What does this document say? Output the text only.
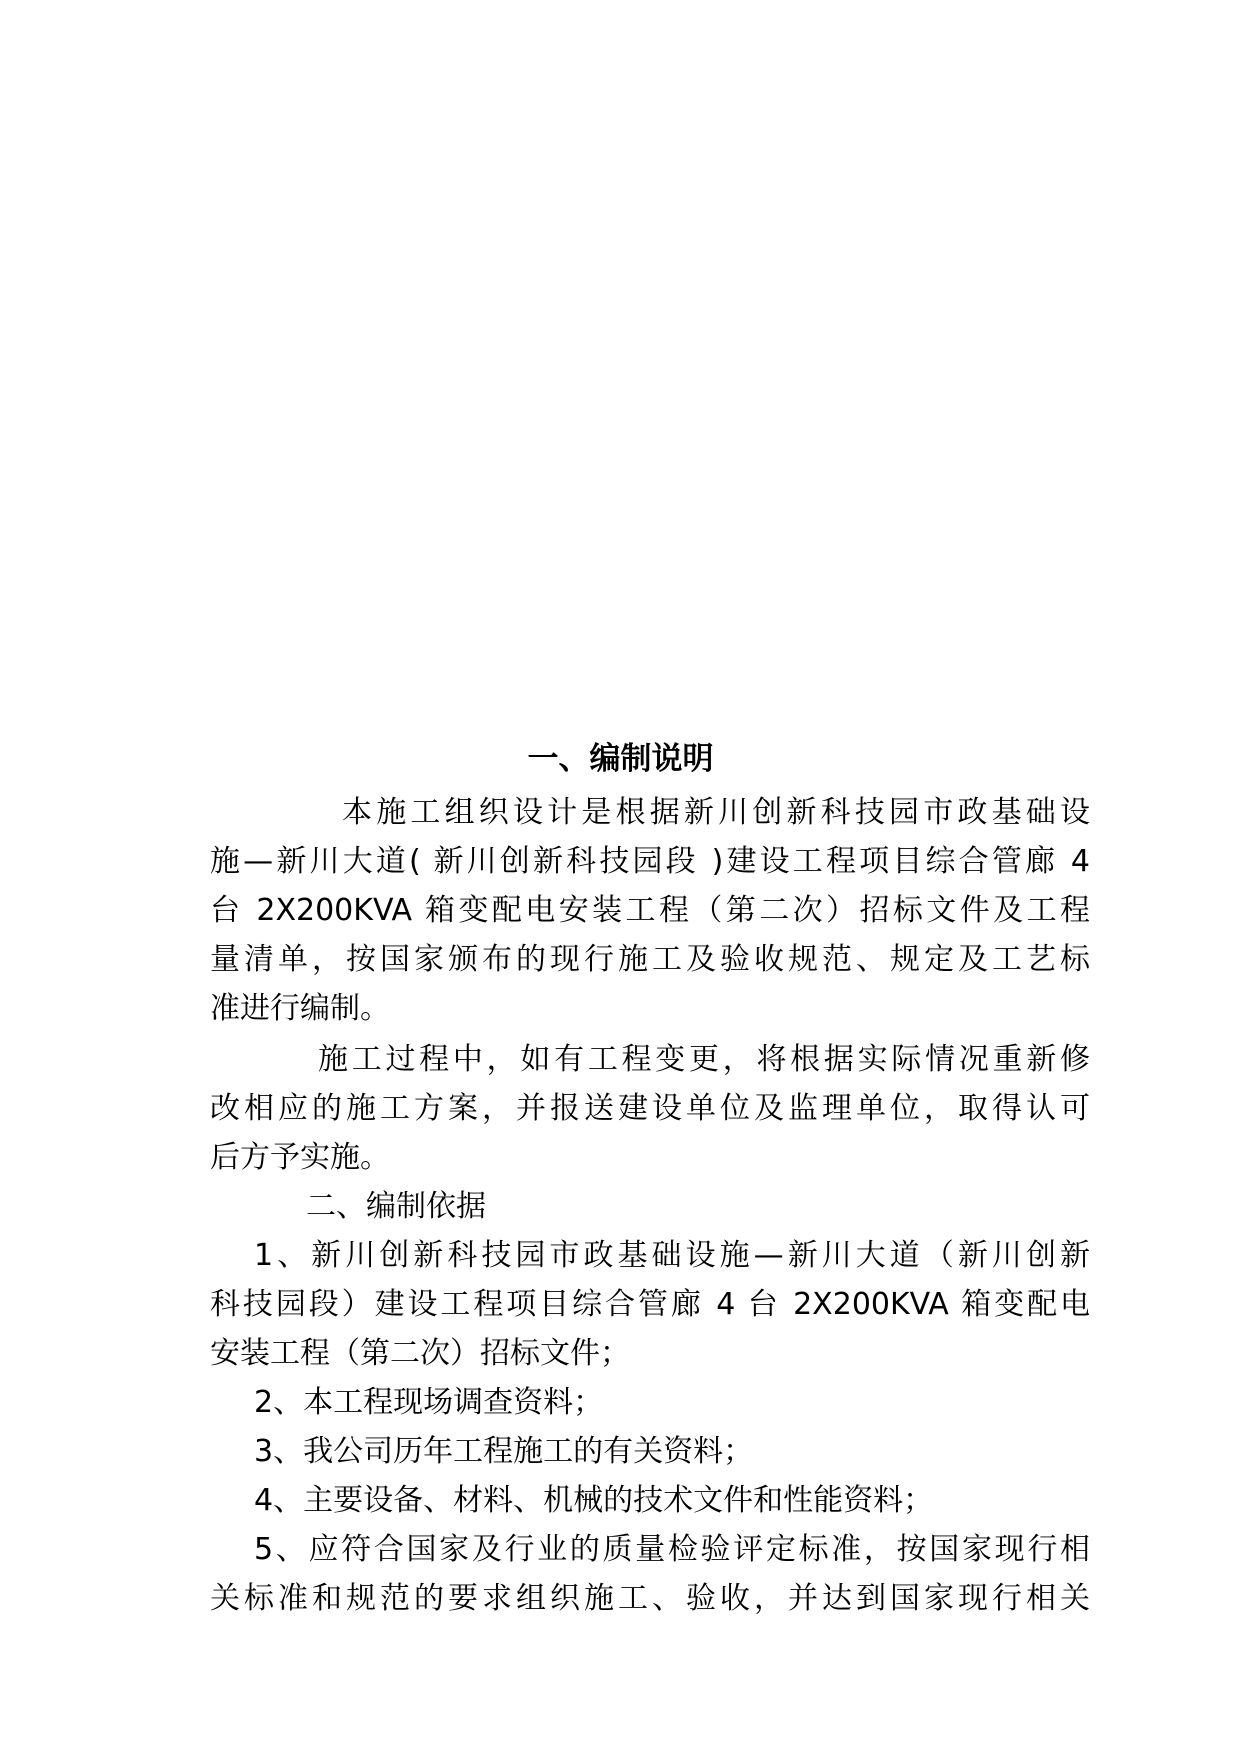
一、编制说明
本施工组织设计是根据新川创新科技园市政基础设
施—新川大道( 新川创新科技园段 )建设工程项目综合管廊 4
台 2X200KVA 箱变配电安装工程（第二次）招标文件及工程
量清单，按国家颁布的现行施工及验收规范、规定及工艺标
准进行编制。
施工过程中，如有工程变更，将根据实际情况重新修
改相应的施工方案，并报送建设单位及监理单位，取得认可
后方予实施。
二、编制依据
1、新川创新科技园市政基础设施—新川大道（新川创新
科技园段）建设工程项目综合管廊 4 台 2X200KVA 箱变配电
安装工程（第二次）招标文件；
2、本工程现场调查资料；
3、我公司历年工程施工的有关资料；
4、主要设备、材料、机械的技术文件和性能资料；
5、应符合国家及行业的质量检验评定标准，按国家现行相
关标准和规范的要求组织施工、验收，并达到国家现行相关
